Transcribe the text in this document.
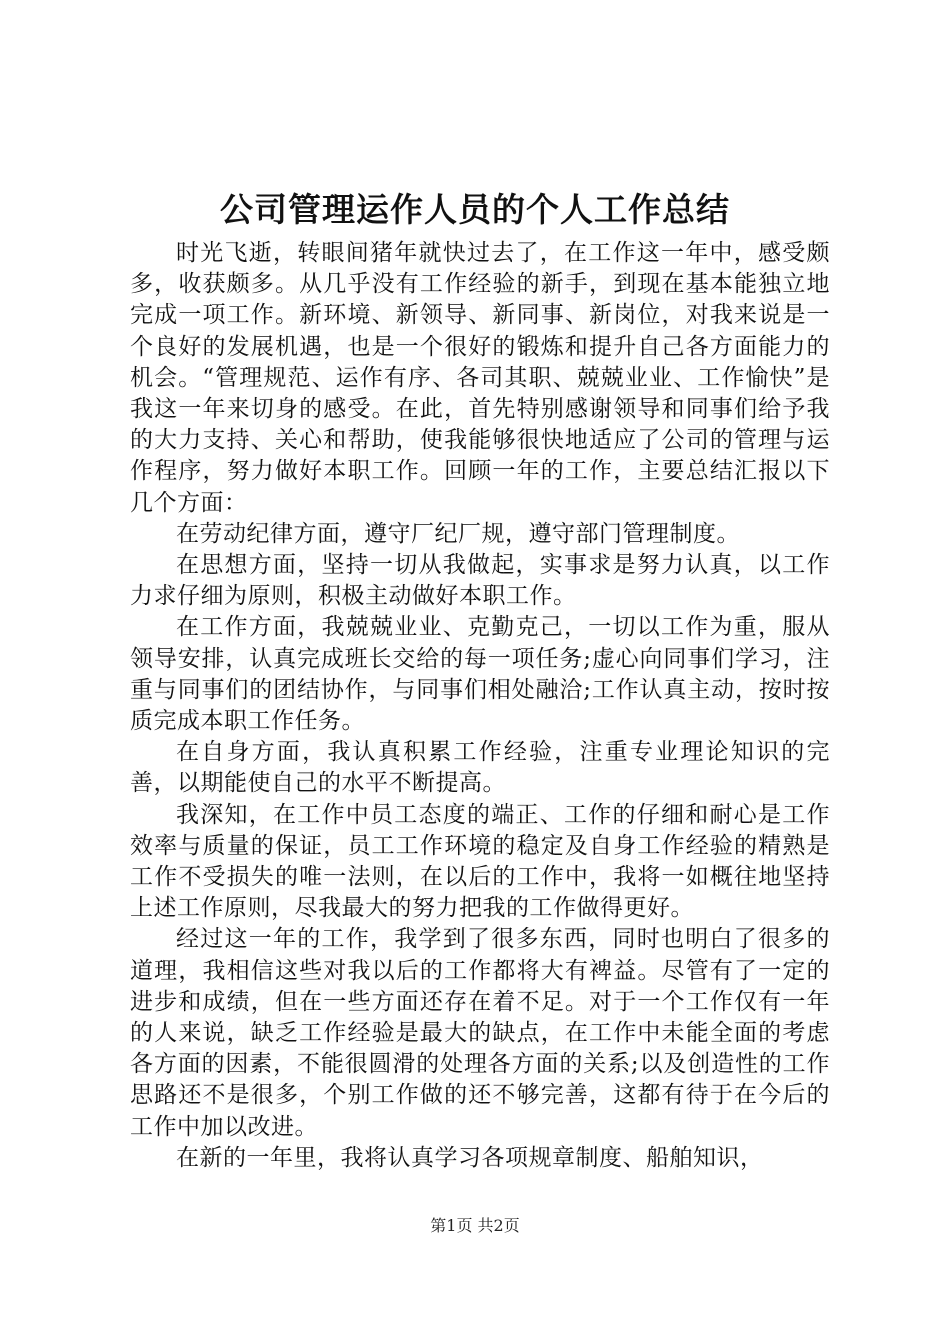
公司管理运作人员的个人工作总结

时光飞逝，转眼间猪年就快过去了，在工作这一年中，感受颇多，收获颇多。从几乎没有工作经验的新手，到现在基本能独立地完成一项工作。新环境、新领导、新同事、新岗位，对我来说是一个良好的发展机遇，也是一个很好的锻炼和提升自己各方面能力的机会。“管理规范、运作有序、各司其职、兢兢业业、工作愉快”是我这一年来切身的感受。在此，首先特别感谢领导和同事们给予我的大力支持、关心和帮助，使我能够很快地适应了公司的管理与运作程序，努力做好本职工作。回顾一年的工作，主要总结汇报以下几个方面：

在劳动纪律方面，遵守厂纪厂规，遵守部门管理制度。

在思想方面，坚持一切从我做起，实事求是努力认真，以工作力求仔细为原则，积极主动做好本职工作。

在工作方面，我兢兢业业、克勤克己，一切以工作为重，服从领导安排，认真完成班长交给的每一项任务;虚心向同事们学习，注重与同事们的团结协作，与同事们相处融洽;工作认真主动，按时按质完成本职工作任务。

在自身方面，我认真积累工作经验，注重专业理论知识的完善，以期能使自己的水平不断提高。

我深知，在工作中员工态度的端正、工作的仔细和耐心是工作效率与质量的保证，员工工作环境的稳定及自身工作经验的精熟是工作不受损失的唯一法则，在以后的工作中，我将一如概往地坚持上述工作原则，尽我最大的努力把我的工作做得更好。

经过这一年的工作，我学到了很多东西，同时也明白了很多的道理，我相信这些对我以后的工作都将大有裨益。尽管有了一定的进步和成绩，但在一些方面还存在着不足。对于一个工作仅有一年的人来说，缺乏工作经验是最大的缺点，在工作中未能全面的考虑各方面的因素，不能很圆滑的处理各方面的关系;以及创造性的工作思路还不是很多，个别工作做的还不够完善，这都有待于在今后的工作中加以改进。

在新的一年里，我将认真学习各项规章制度、船舶知识，

第1页 共2页
